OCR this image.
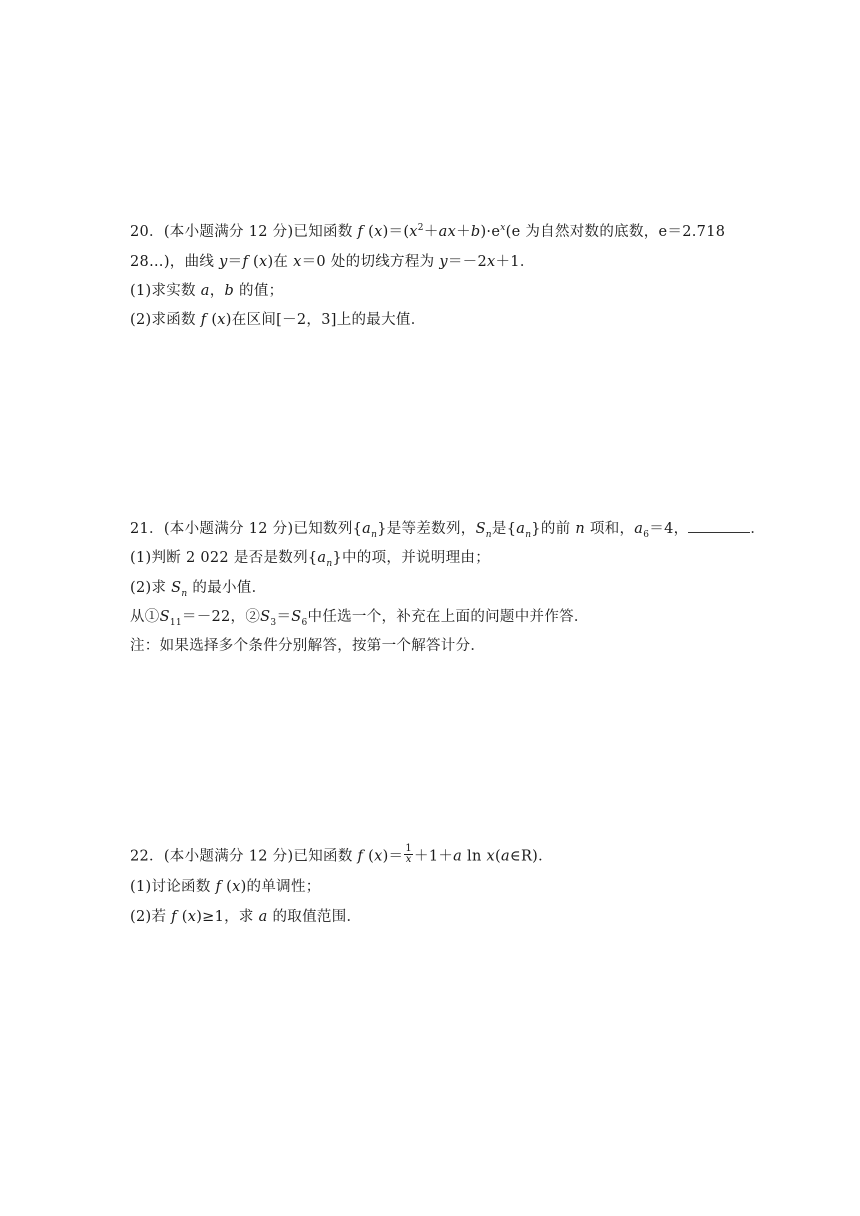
20．(本小题满分 12 分)已知函数 f $(x)=(x^2+ax+b)\cdot e^x(e$ 为自然对数的底数，e＝2.718
28…)，曲线 y＝f (x)在 x＝0 处的切线方程为 y＝－2x＋1．
(1)求实数 a，b 的值；
(2)求函数 f (x)在区间[－2，3]上的最大值．
21．(本小题满分 12 分)已知数列$\{a_n\}$是等差数列，$S_n$是$\{a_n\}$的前 n 项和，$a_6=4$，	．
(1)判断 2 022 是否是数列$\{a_n\}$中的项，并说明理由；
(2)求 $S_n$ 的最小值．
从$①S_{11}=-22$，$②S_3=S_6$中任选一个，补充在上面的问题中并作答．
注：如果选择多个条件分别解答，按第一个解答计分．
22．(本小题满分 12 分)已知函数 f $(x)= \frac{1}{x} +1+a$ ln x(a∈R)．
(1)讨论函数 f (x)的单调性；
(2)若 f (x)≥1，求 a 的取值范围．
